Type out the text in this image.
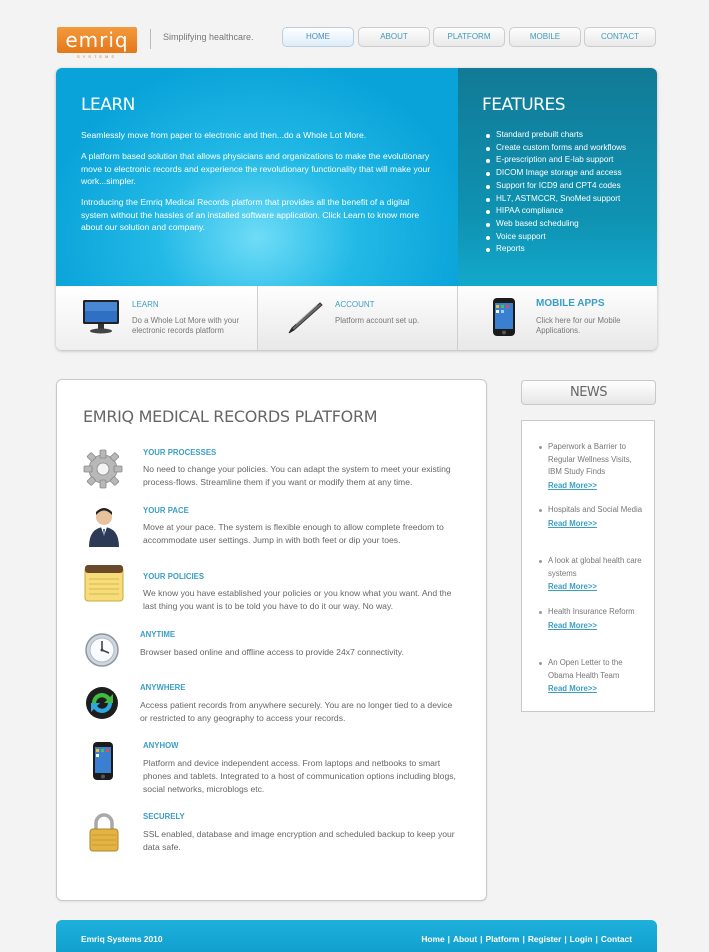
emriq
SYSTEMS
Simplifying healthcare.	HOME	ABOUT	PLATFORM	MOBILE	CONTACT
LEARN

Seamlessly move from paper to electronic and then...do a Whole Lot More.

A platform based solution that allows physicians and organizations to make the evolutionary move to electronic records and experience the revolutionary functionality that will make your work...simpler.

Introducing the Emriq Medical Records platform that provides all the benefit of a digital system without the hassles of an installed software application. Click Learn to know more about our solution and company.

FEATURES
Standard prebuilt charts
Create custom forms and workflows
E-prescription and E-lab support
DICOM Image storage and access
Support for ICD9 and CPT4 codes
HL7, ASTMCCR, SnoMed support
HIPAA compliance
Web based scheduling
Voice support
Reports
LEARN
Do a Whole Lot More with your electronic records platform
ACCOUNT
Platform account set up.
MOBILE APPS
Click here for our Mobile Applications.
EMRIQ MEDICAL RECORDS PLATFORM
YOUR PROCESSES
No need to change your policies. You can adapt the system to meet your existing process-flows. Streamline them if you want or modify them at any time.
YOUR PACE
Move at your pace. The system is flexible enough to allow complete freedom to accommodate user settings. Jump in with both feet or dip your toes.
YOUR POLICIES
We know you have established your policies or you know what you want. And the last thing you want is to be told you have to do it our way. No way.
ANYTIME
Browser based online and offline access to provide 24x7 connectivity.
ANYWHERE
Access patient records from anywhere securely. You are no longer tied to a device or restricted to any geography to access your records.
ANYHOW
Platform and device independent access. From laptops and netbooks to smart phones and tablets. Integrated to a host of communication options including blogs, social networks, microblogs etc.
SECURELY
SSL enabled, database and image encryption and scheduled backup to keep your data safe.
NEWS
Paperwork a Barrier to Regular Wellness Visits, IBM Study Finds
Read More>>
Hospitals and Social Media
Read More>>
A look at global health care systems
Read More>>
Health Insurance Reform
Read More>>
An Open Letter to the Obama Health Team
Read More>>
Emriq Systems 2010	Home | About | Platform | Register | Login | Contact
